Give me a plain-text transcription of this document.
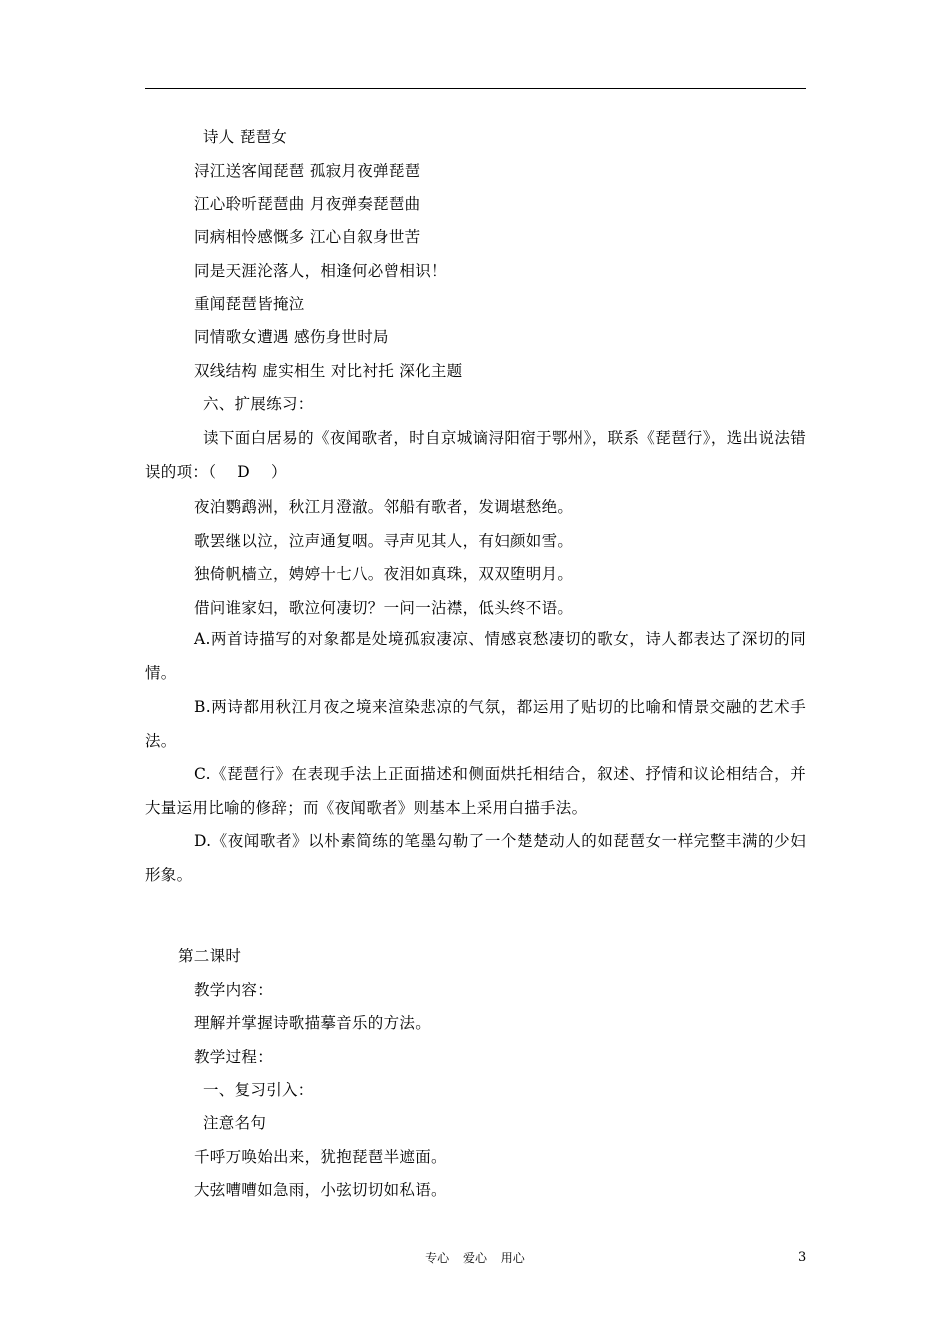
诗人 琵琶女
浔江送客闻琵琶 孤寂月夜弹琵琶
江心聆听琵琶曲 月夜弹奏琵琶曲
同病相怜感慨多 江心自叙身世苦
同是天涯沦落人，相逢何必曾相识！
重闻琵琶皆掩泣
同情歌女遭遇 感伤身世时局
双线结构 虚实相生 对比衬托 深化主题
六、扩展练习：
读下面白居易的《夜闻歌者，时自京城谪浔阳宿于鄂州》，联系《琵琶行》，选出说法错误的项：（　 D　 ）
夜泊鹦鹉洲，秋江月澄澈。邻船有歌者，发调堪愁绝。
歌罢继以泣，泣声通复咽。寻声见其人，有妇颜如雪。
独倚帆樯立，娉婷十七八。夜泪如真珠，双双堕明月。
借问谁家妇，歌泣何凄切？一问一沾襟，低头终不语。
A.两首诗描写的对象都是处境孤寂凄凉、情感哀愁凄切的歌女，诗人都表达了深切的同情。
B.两诗都用秋江月夜之境来渲染悲凉的气氛，都运用了贴切的比喻和情景交融的艺术手法。
C.《琵琶行》在表现手法上正面描述和侧面烘托相结合，叙述、抒情和议论相结合，并大量运用比喻的修辞；而《夜闻歌者》则基本上采用白描手法。
D.《夜闻歌者》以朴素简练的笔墨勾勒了一个楚楚动人的如琵琶女一样完整丰满的少妇形象。
第二课时
教学内容：
理解并掌握诗歌描摹音乐的方法。
教学过程：
一、复习引入：
注意名句
千呼万唤始出来，犹抱琵琶半遮面。
大弦嘈嘈如急雨，小弦切切如私语。
专心 爱心 用心	3
